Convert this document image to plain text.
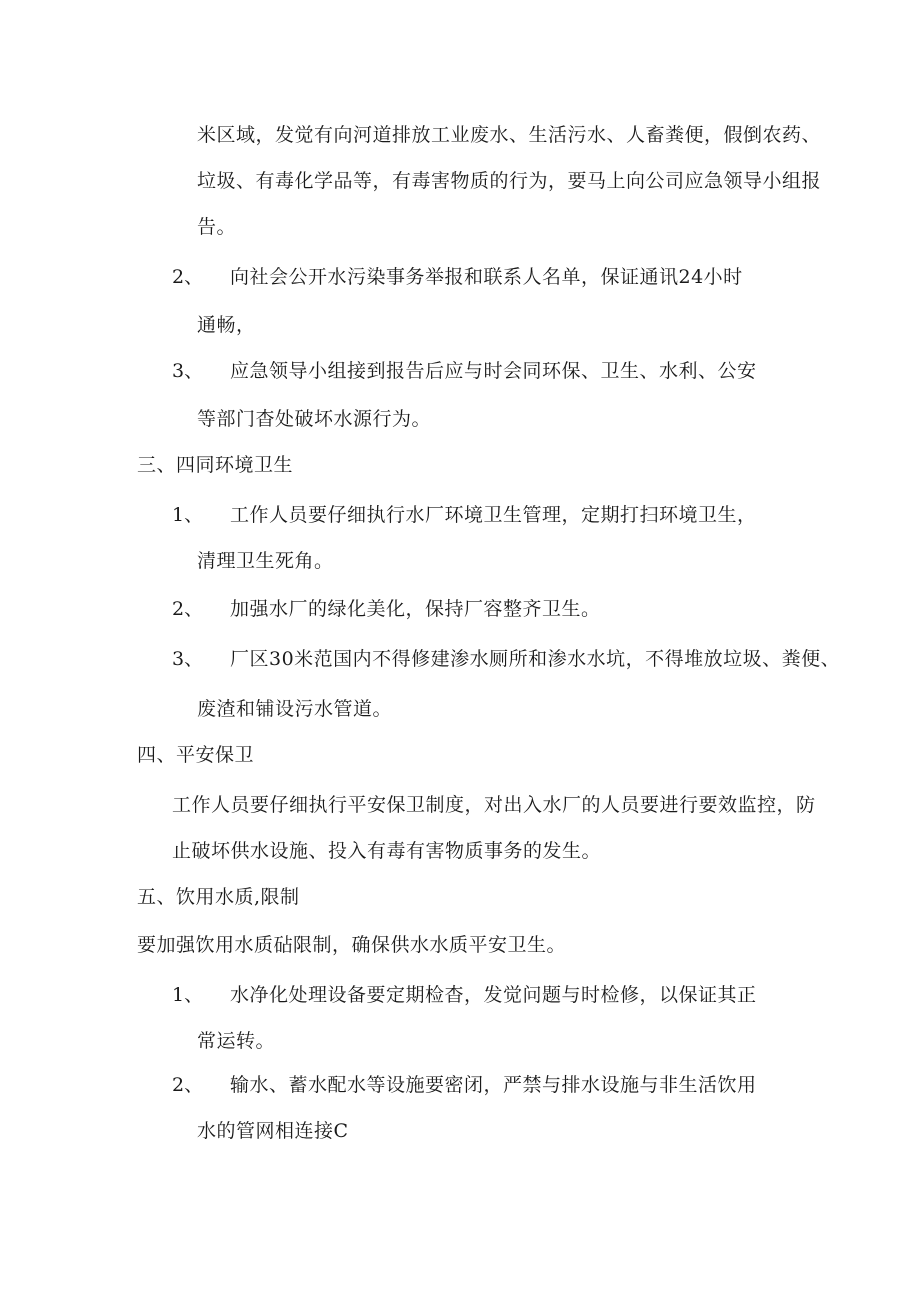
米区域，发觉有向河道排放工业废水、生活污水、人畜粪便，假倒农药、
垃圾、有毒化学品等，有毒害物质的行为，要马上向公司应急领导小组报
告。
2、 向社会公开水污染事务举报和联系人名单，保证通讯24小时
通畅，
3、 应急领导小组接到报告后应与时会同环保、卫生、水利、公安
等部门杳处破坏水源行为。
三、四同环境卫生
1、 工作人员要仔细执行水厂环境卫生管理，定期打扫环境卫生，
清理卫生死角。
2、 加强水厂的绿化美化，保持厂容整齐卫生。
3、 厂区30米范国内不得修建渗水厕所和渗水水坑，不得堆放垃圾、粪便、
废渣和铺设污水管道。
四、平安保卫
工作人员要仔细执行平安保卫制度，对出入水厂的人员要进行要效监控，防
止破坏供水设施、投入有毒有害物质事务的发生。
五、饮用水质,限制
要加强饮用水质砧限制，确保供水水质平安卫生。
1、 水净化处理设备要定期检杳，发觉问题与时检修，以保证其正
常运转。
2、 输水、蓄水配水等设施要密闭，严禁与排水设施与非生活饮用
水的管网相连接C
